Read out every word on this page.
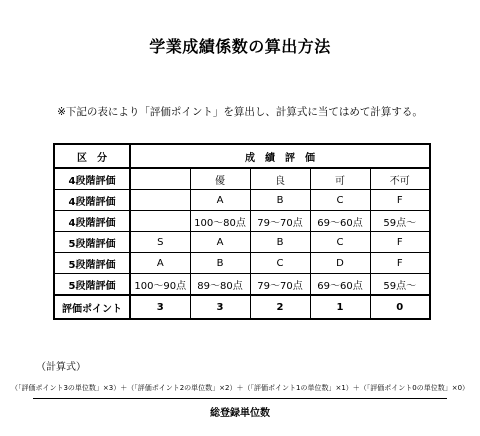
学業成績係数の算出方法
※下記の表により「評価ポイント」を算出し、計算式に当てはめて計算する。
区　分	成　績　評　価				
4段階評価		優	良	可	不可
4段階評価		A	B	C	F
4段階評価		100〜80点	79〜70点	69〜60点	59点〜
5段階評価	S	A	B	C	F
5段階評価	A	B	C	D	F
5段階評価	100〜90点	89〜80点	79〜70点	69〜60点	59点〜
評価ポイント	3	3	2	1	0
（計算式）
（「評価ポイント3の単位数」×3）＋（「評価ポイント2の単位数」×2）＋（「評価ポイント1の単位数」×1）＋（「評価ポイント0の単位数」×0）
総登録単位数
